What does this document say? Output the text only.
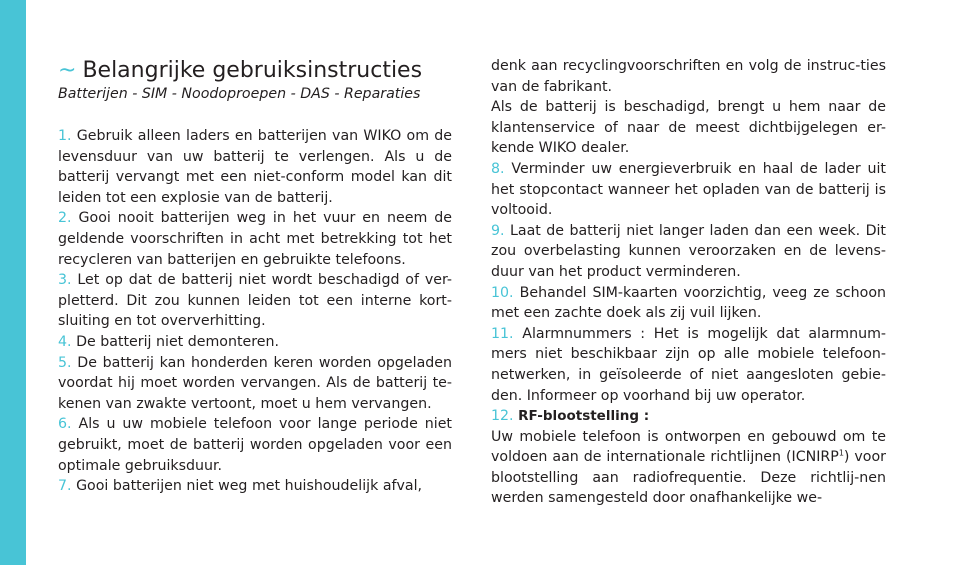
~ Belangrijke gebruiksinstructies

Batterijen - SIM - Noodoproepen - DAS - Reparaties

1. Gebruik alleen laders en batterijen van WIKO om de levensduur van uw batterij te verlengen. Als u de batterij vervangt met een niet-conform model kan dit leiden tot een explosie van de batterij.

2. Gooi nooit batterijen weg in het vuur en neem de geldende voorschriften in acht met betrekking tot het recycleren van batterijen en gebruikte telefoons.

3. Let op dat de batterij niet wordt beschadigd of ver-pletterd. Dit zou kunnen leiden tot een interne kort-sluiting en tot oververhitting.

4. De batterij niet demonteren.

5. De batterij kan honderden keren worden opgeladen voordat hij moet worden vervangen. Als de batterij te-kenen van zwakte vertoont, moet u hem vervangen.

6. Als u uw mobiele telefoon voor lange periode niet gebruikt, moet de batterij worden opgeladen voor een optimale gebruiksduur.

7. Gooi batterijen niet weg met huishoudelijk afval,

denk aan recyclingvoorschriften en volg de instruc-ties van de fabrikant.

Als de batterij is beschadigd, brengt u hem naar de klantenservice of naar de meest dichtbijgelegen er-kende WIKO dealer.

8. Verminder uw energieverbruik en haal de lader uit het stopcontact wanneer het opladen van de batterij is voltooid.

9. Laat de batterij niet langer laden dan een week. Dit zou overbelasting kunnen veroorzaken en de levens-duur van het product verminderen.

10. Behandel SIM-kaarten voorzichtig, veeg ze schoon met een zachte doek als zij vuil lijken.

11. Alarmnummers : Het is mogelijk dat alarmnum-mers niet beschikbaar zijn op alle mobiele telefoon-netwerken, in geïsoleerde of niet aangesloten gebie-den. Informeer op voorhand bij uw operator.

12. RF-blootstelling :

Uw mobiele telefoon is ontworpen en gebouwd om te voldoen aan de internationale richtlijnen (ICNIRP$^1$) voor blootstelling aan radiofrequentie. Deze richtlij-nen werden samengesteld door onafhankelijke we-
